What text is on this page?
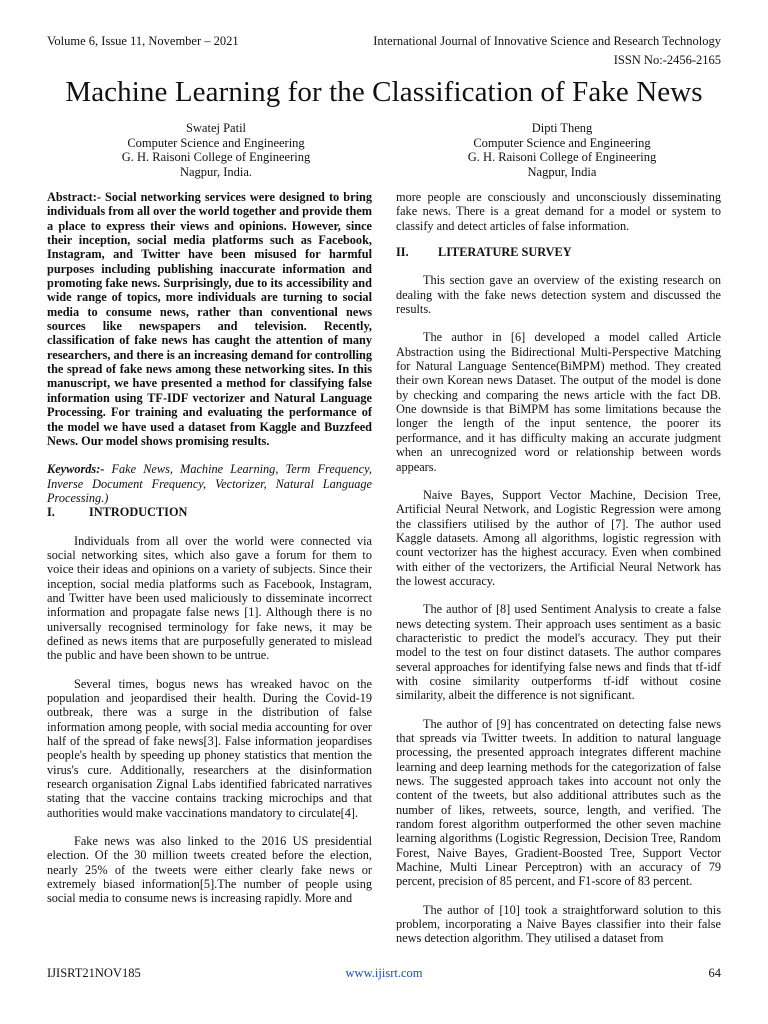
Volume 6, Issue 11, November – 2021	International Journal of Innovative Science and Research Technology
ISSN No:-2456-2165
Machine Learning for the Classification of Fake News
Swatej Patil
Computer Science and Engineering
G. H. Raisoni College of Engineering
Nagpur, India.
Dipti Theng
Computer Science and Engineering
G. H. Raisoni College of Engineering
Nagpur, India

Abstract:- Social networking services were designed to bring individuals from all over the world together and provide them a place to express their views and opinions. However, since their inception, social media platforms such as Facebook, Instagram, and Twitter have been misused for harmful purposes including publishing inaccurate information and promoting fake news. Surprisingly, due to its accessibility and wide range of topics, more individuals are turning to social media to consume news, rather than conventional news sources like newspapers and television. Recently, classification of fake news has caught the attention of many researchers, and there is an increasing demand for controlling the spread of fake news among these networking sites. In this manuscript, we have presented a method for classifying false information using TF-IDF vectorizer and Natural Language Processing. For training and evaluating the performance of the model we have used a dataset from Kaggle and Buzzfeed News. Our model shows promising results.

Keywords:- Fake News, Machine Learning, Term Frequency, Inverse Document Frequency, Vectorizer, Natural Language Processing.)

I.	INTRODUCTION

Individuals from all over the world were connected via social networking sites, which also gave a forum for them to voice their ideas and opinions on a variety of subjects. Since their inception, social media platforms such as Facebook, Instagram, and Twitter have been used maliciously to disseminate incorrect information and propagate false news [1]. Although there is no universally recognised terminology for fake news, it may be defined as news items that are purposefully generated to mislead the public and have been shown to be untrue.

Several times, bogus news has wreaked havoc on the population and jeopardised their health. During the Covid-19 outbreak, there was a surge in the distribution of false information among people, with social media accounting for over half of the spread of fake news[3]. False information jeopardises people's health by speeding up phoney statistics that mention the virus's cure. Additionally, researchers at the disinformation research organisation Zignal Labs identified fabricated narratives stating that the vaccine contains tracking microchips and that authorities would make vaccinations mandatory to circulate[4].

Fake news was also linked to the 2016 US presidential election. Of the 30 million tweets created before the election, nearly 25% of the tweets were either clearly fake news or extremely biased information[5].The number of people using social media to consume news is increasing rapidly. More and

more people are consciously and unconsciously disseminating fake news. There is a great demand for a model or system to classify and detect articles of false information.

II. LITERATURE SURVEY

This section gave an overview of the existing research on dealing with the fake news detection system and discussed the results.

The author in [6] developed a model called Article Abstraction using the Bidirectional Multi-Perspective Matching for Natural Language Sentence(BiMPM) method. They created their own Korean news Dataset. The output of the model is done by checking and comparing the news article with the fact DB. One downside is that BiMPM has some limitations because the longer the length of the input sentence, the poorer its performance, and it has difficulty making an accurate judgment when an unrecognized word or relationship between words appears.

Naive Bayes, Support Vector Machine, Decision Tree, Artificial Neural Network, and Logistic Regression were among the classifiers utilised by the author of [7]. The author used Kaggle datasets. Among all algorithms, logistic regression with count vectorizer has the highest accuracy. Even when combined with either of the vectorizers, the Artificial Neural Network has the lowest accuracy.

The author of [8] used Sentiment Analysis to create a false news detecting system. Their approach uses sentiment as a basic characteristic to predict the model's accuracy. They put their model to the test on four distinct datasets. The author compares several approaches for identifying false news and finds that tf-idf with cosine similarity outperforms tf-idf without cosine similarity, albeit the difference is not significant.

The author of [9] has concentrated on detecting false news that spreads via Twitter tweets. In addition to natural language processing, the presented approach integrates different machine learning and deep learning methods for the categorization of false news. The suggested approach takes into account not only the content of the tweets, but also additional attributes such as the number of likes, retweets, source, length, and verified. The random forest algorithm outperformed the other seven machine learning algorithms (Logistic Regression, Decision Tree, Random Forest, Naive Bayes, Gradient-Boosted Tree, Support Vector Machine, Multi Linear Perceptron) with an accuracy of 79 percent, precision of 85 percent, and F1-score of 83 percent.

The author of [10] took a straightforward solution to this problem, incorporating a Naive Bayes classifier into their false news detection algorithm. They utilised a dataset from

IJISRT21NOV185	www.ijisrt.com	64
